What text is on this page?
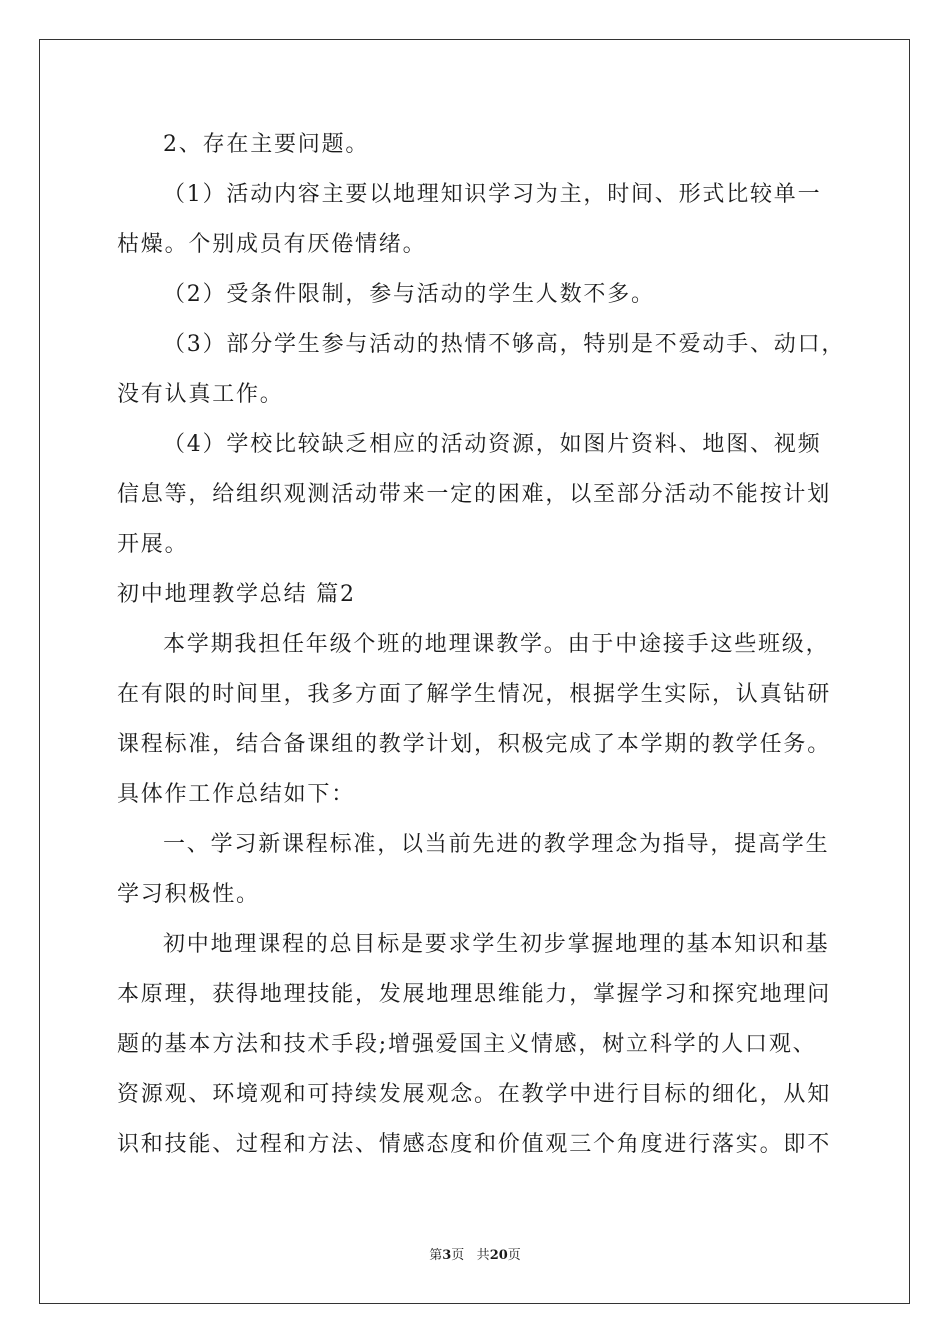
2、存在主要问题。
（1）活动内容主要以地理知识学习为主，时间、形式比较单一
枯燥。个别成员有厌倦情绪。
（2）受条件限制，参与活动的学生人数不多。
（3）部分学生参与活动的热情不够高，特别是不爱动手、动口，
没有认真工作。
（4）学校比较缺乏相应的活动资源，如图片资料、地图、视频
信息等，给组织观测活动带来一定的困难，以至部分活动不能按计划
开展。
初中地理教学总结 篇2
本学期我担任年级个班的地理课教学。由于中途接手这些班级，
在有限的时间里，我多方面了解学生情况，根据学生实际，认真钻研
课程标准，结合备课组的教学计划，积极完成了本学期的教学任务。
具体作工作总结如下：
一、学习新课程标准，以当前先进的教学理念为指导，提高学生
学习积极性。
初中地理课程的总目标是要求学生初步掌握地理的基本知识和基
本原理，获得地理技能，发展地理思维能力，掌握学习和探究地理问
题的基本方法和技术手段;增强爱国主义情感，树立科学的人口观、
资源观、环境观和可持续发展观念。在教学中进行目标的细化，从知
识和技能、过程和方法、情感态度和价值观三个角度进行落实。即不
第3页 共20页
